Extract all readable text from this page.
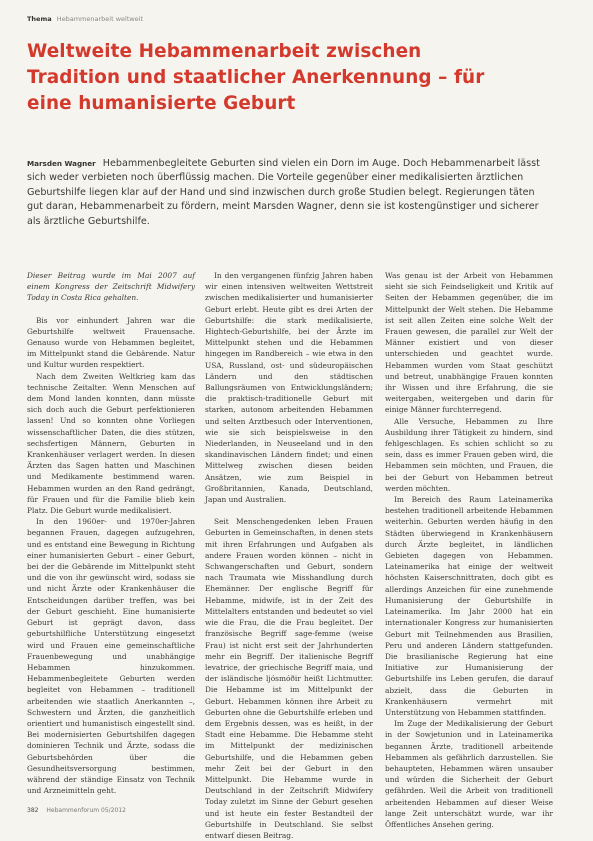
Thema Hebammenarbeit weltweit
Weltweite Hebammenarbeit zwischen Tradition und staatlicher Anerkennung – für eine humanisierte Geburt

Marsden Wagner Hebammenbegleitete Geburten sind vielen ein Dorn im Auge. Doch Hebammenarbeit lässt sich weder verbieten noch überflüssig machen. Die Vorteile gegenüber einer medikalisierten ärztlichen Geburtshilfe liegen klar auf der Hand und sind inzwischen durch große Studien belegt. Regierungen täten gut daran, Hebammenarbeit zu fördern, meint Marsden Wagner, denn sie ist kostengünstiger und sicherer als ärztliche Geburtshilfe.

Dieser Beitrag wurde im Mai 2007 auf einem Kongress der Zeitschrift Midwifery Today in Costa Rica gehalten.

Bis vor einhundert Jahren war die Geburtshilfe weltweit Frauensache. Genauso wurde von Hebammen begleitet, im Mittelpunkt stand die Gebärende. Natur und Kultur wurden respektiert.

Nach dem Zweiten Weltkrieg kam das technische Zeitalter. Wenn Menschen auf dem Mond landen konnten, dann müsste sich doch auch die Geburt perfektionieren lassen! Und so konnten ohne Vorliegen wissenschaftlicher Daten, die dies stützen, sechsfertigen Männern, Geburten in Krankenhäuser verlagert werden. In diesen Ärzten das Sagen hatten und Maschinen und Medikamente bestimmend waren. Hebammen wurden an den Rand gedrängt, für Frauen und für die Familie blieb kein Platz. Die Geburt wurde medikalisiert.

In den 1960er- und 1970er-Jahren begannen Frauen, dagegen aufzugehren, und es entstand eine Bewegung in Richtung einer humanisierten Geburt – einer Geburt, bei der die Gebärende im Mittelpunkt steht und die von ihr gewünscht wird, sodass sie und nicht Ärzte oder Krankenhäuser die Entscheidungen darüber treffen, was bei der Geburt geschieht. Eine humanisierte Geburt ist geprägt davon, dass geburtshilfliche Unterstützung eingesetzt wird und Frauen eine gemeinschaftliche Frauenbewegung und unabhängige Hebammen hinzukommen. Hebammenbegleitete Geburten werden begleitet von Hebammen – traditionell arbeitenden wie staatlich Anerkannten –, Schwestern und Ärzten, die ganzheitlich orientiert und humanistisch eingestellt sind. Bei modernisierten Geburtshilfen dagegen dominieren Technik und Ärzte, sodass die Geburtsbehörden über die Gesundheitsversorgung bestimmen, während der ständige Einsatz von Technik und Arzneimitteln geht.

In den vergangenen fünfzig Jahren haben wir einen intensiven weltweiten Wettstreit zwischen medikalisierter und humanisierter Geburt erlebt. Heute gibt es drei Arten der Geburtshilfe: die stark medikalisierte, Hightech-Geburtshilfe, bei der Ärzte im Mittelpunkt stehen und die Hebammen hingegen im Randbereich – wie etwa in den USA, Russland, ost- und südeuropäischen Ländern und den städtischen Ballungsräumen von Entwicklungsländern; die praktisch-traditionelle Geburt mit starken, autonom arbeitenden Hebammen und selten Arztbesuch oder Interventionen, wie sie sich beispielsweise in den Niederlanden, in Neuseeland und in den skandinavischen Ländern findet; und einen Mittelweg zwischen diesen beiden Ansätzen, wie zum Beispiel in Großbritannien, Kanada, Deutschland, Japan und Australien.

Seit Menschengedenken leben Frauen Geburten in Gemeinschaften, in denen stets mit ihren Erfahrungen und Aufgaben als andere Frauen worden können – nicht in Schwangerschaften und Geburt, sondern nach Traumata wie Misshandlung durch Ehemänner. Der englische Begriff für Hebamme, midwife, ist in der Zeit des Mittelalters entstanden und bedeutet so viel wie die Frau, die die Frau begleitet. Der französische Begriff sage-femme (weise Frau) ist nicht erst seit der Jahrhunderten mehr ein Begriff. Der italienische Begriff levatrice, der griechische Begriff maia, und der isländische ljósmóðir heißt Lichtmutter. Die Hebamme ist im Mittelpunkt der Geburt. Hebammen können ihre Arbeit zu Geburten ohne die Geburtshilfe erleben und dem Ergebnis dessen, was es heißt, in der Stadt eine Hebamme. Die Hebamme steht im Mittelpunkt der medizinischen Geburtshilfe, und die Hebammen geben mehr Zeit bei der Geburt in den Mittelpunkt. Die Hebamme wurde in Deutschland in der Zeitschrift Midwifery Today zuletzt im Sinne der Geburt gesehen und ist heute ein fester Bestandteil der Geburtshilfe in Deutschland. Sie selbst entwarf diesen Beitrag.

Was genau ist der Arbeit von Hebammen sieht sie sich Feindseligkeit und Kritik auf Seiten der Hebammen gegenüber, die im Mittelpunkt der Welt stehen. Die Hebamme ist seit allen Zeiten eine solche Welt der Frauen gewesen, die parallel zur Welt der Männer existiert und von dieser unterschieden und geachtet wurde. Hebammen wurden vom Staat geschützt und betreut, unabhängige Frauen konnten ihr Wissen und ihre Erfahrung, die sie weitergaben, weitergeben und darin für einige Männer furchterregend.

Alle Versuche, Hebammen zu Ihre Ausbildung ihrer Tätigkeit zu hindern, sind fehlgeschlagen. Es schien schlicht so zu sein, dass es immer Frauen geben wird, die Hebammen sein möchten, und Frauen, die bei der Geburt von Hebammen betreut werden möchten.

Im Bereich des Raum Lateinamerika bestehen traditionell arbeitende Hebammen weiterhin. Geburten werden häufig in den Städten überwiegend in Krankenhäusern durch Ärzte begleitet, in ländlichen Gebieten dagegen von Hebammen. Lateinamerika hat einige der weltweit höchsten Kaiserschnittraten, doch gibt es allerdings Anzeichen für eine zunehmende Humanisierung der Geburtshilfe in Lateinamerika. Im Jahr 2000 hat ein internationaler Kongress zur humanisierten Geburt mit Teilnehmenden aus Brasilien, Peru und anderen Ländern stattgefunden. Die brasilianische Regierung hat eine Initiative zur Humanisierung der Geburtshilfe ins Leben gerufen, die darauf abzielt, dass die Geburten in Krankenhäusern vermehrt mit Unterstützung von Hebammen stattfinden.

Im Zuge der Medikalisierung der Geburt in der Sowjetunion und in Lateinamerika begannen Ärzte, traditionell arbeitende Hebammen als gefährlich darzustellen. Sie behaupteten, Hebammen wären unsauber und würden die Sicherheit der Geburt gefährden. Weil die Arbeit von traditionell arbeitenden Hebammen auf dieser Weise lange Zeit unterschätzt wurde, war ihr Öffentliches Ansehen gering.

382 Hebammenforum 05/2012
